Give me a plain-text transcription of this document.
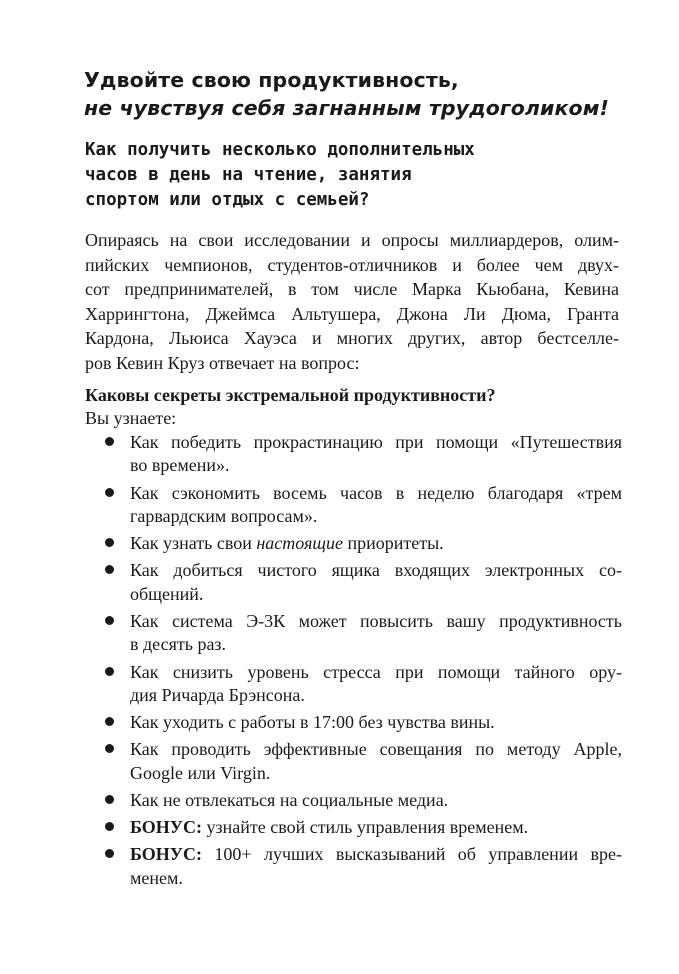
Удвойте свою продуктивность,
не чувствуя себя загнанным трудоголиком!
Как получить несколько дополнительных
часов в день на чтение, занятия
спортом или отдых с семьей?

Опираясь на свои исследовании и опросы миллиардеров, олим-
пийских чемпионов, студентов-отличников и более чем двух-
сот предпринимателей, в том числе Марка Кьюбана, Кевина
Харрингтона, Джеймса Альтушера, Джона Ли Дюма, Гранта
Кардона, Льюиса Хауэса и многих других, автор бестселле-
ров Кевин Круз отвечает на вопрос:

Каковы секреты экстремальной продуктивности?

Вы узнаете:

Как победить прокрастинацию при помощи «Путешествия
во времени».
Как сэкономить восемь часов в неделю благодаря «трем
гарвардским вопросам».
Как узнать свои настоящие приоритеты.
Как добиться чистого ящика входящих электронных со-
общений.
Как система Э-3К может повысить вашу продуктивность
в десять раз.
Как снизить уровень стресса при помощи тайного ору-
дия Ричарда Брэнсона.
Как уходить с работы в 17:00 без чувства вины.
Как проводить эффективные совещания по методу Apple,
Google или Virgin.
Как не отвлекаться на социальные медиа.
БОНУС: узнайте свой стиль управления временем.
БОНУС: 100+ лучших высказываний об управлении вре-
менем.
